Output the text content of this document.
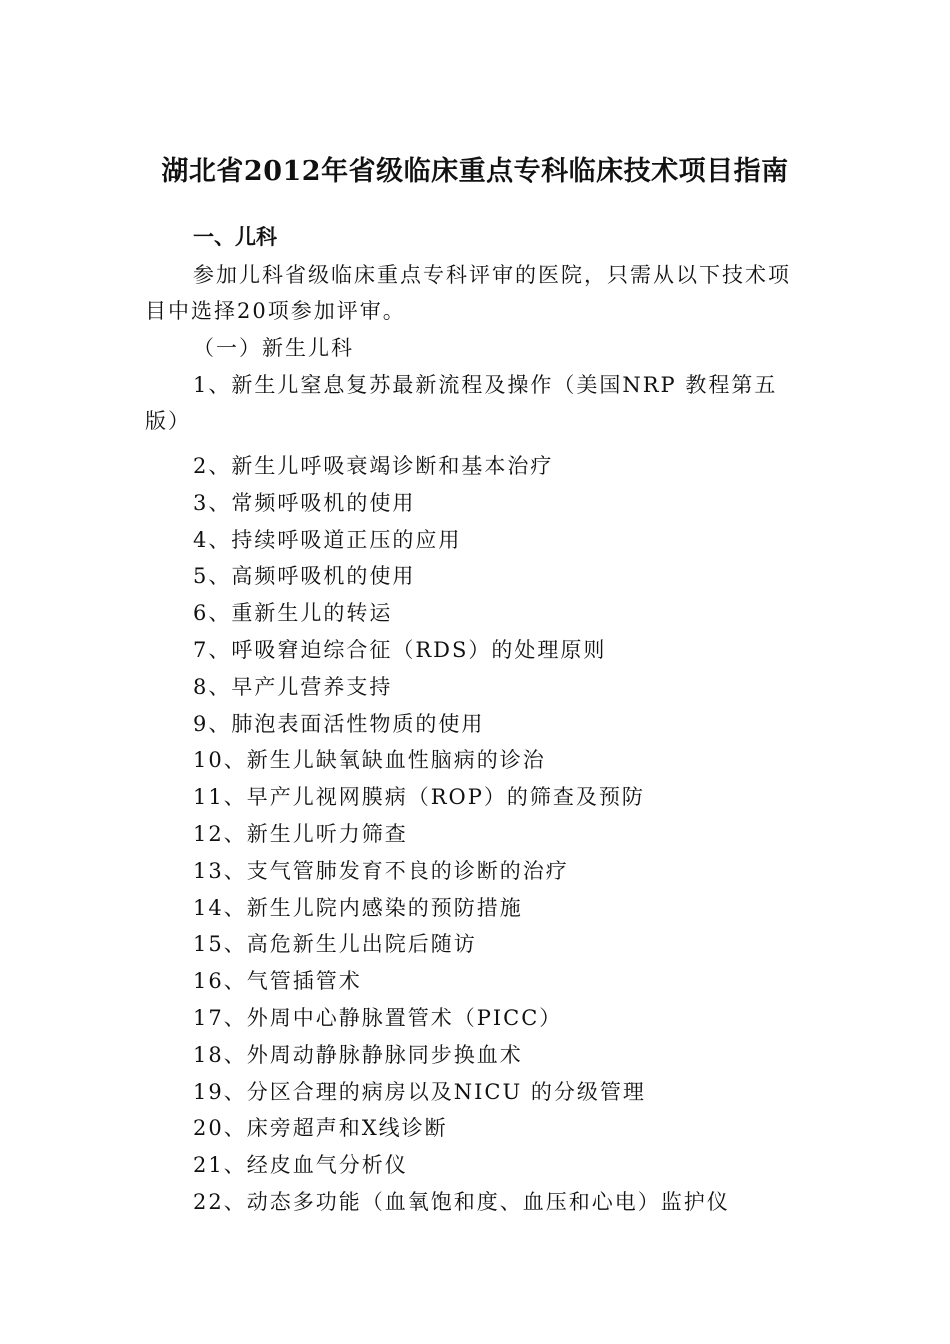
湖北省2012年省级临床重点专科临床技术项目指南
一、儿科
参加儿科省级临床重点专科评审的医院，只需从以下技术项目中选择20项参加评审。
（一）新生儿科
1、新生儿窒息复苏最新流程及操作（美国NRP 教程第五版）
2、新生儿呼吸衰竭诊断和基本治疗
3、常频呼吸机的使用
4、持续呼吸道正压的应用
5、高频呼吸机的使用
6、重新生儿的转运
7、呼吸窘迫综合征（RDS）的处理原则
8、早产儿营养支持
9、肺泡表面活性物质的使用
10、新生儿缺氧缺血性脑病的诊治
11、早产儿视网膜病（ROP）的筛查及预防
12、新生儿听力筛查
13、支气管肺发育不良的诊断的治疗
14、新生儿院内感染的预防措施
15、高危新生儿出院后随访
16、气管插管术
17、外周中心静脉置管术（PICC）
18、外周动静脉静脉同步换血术
19、分区合理的病房以及NICU 的分级管理
20、床旁超声和X线诊断
21、经皮血气分析仪
22、动态多功能（血氧饱和度、血压和心电）监护仪
